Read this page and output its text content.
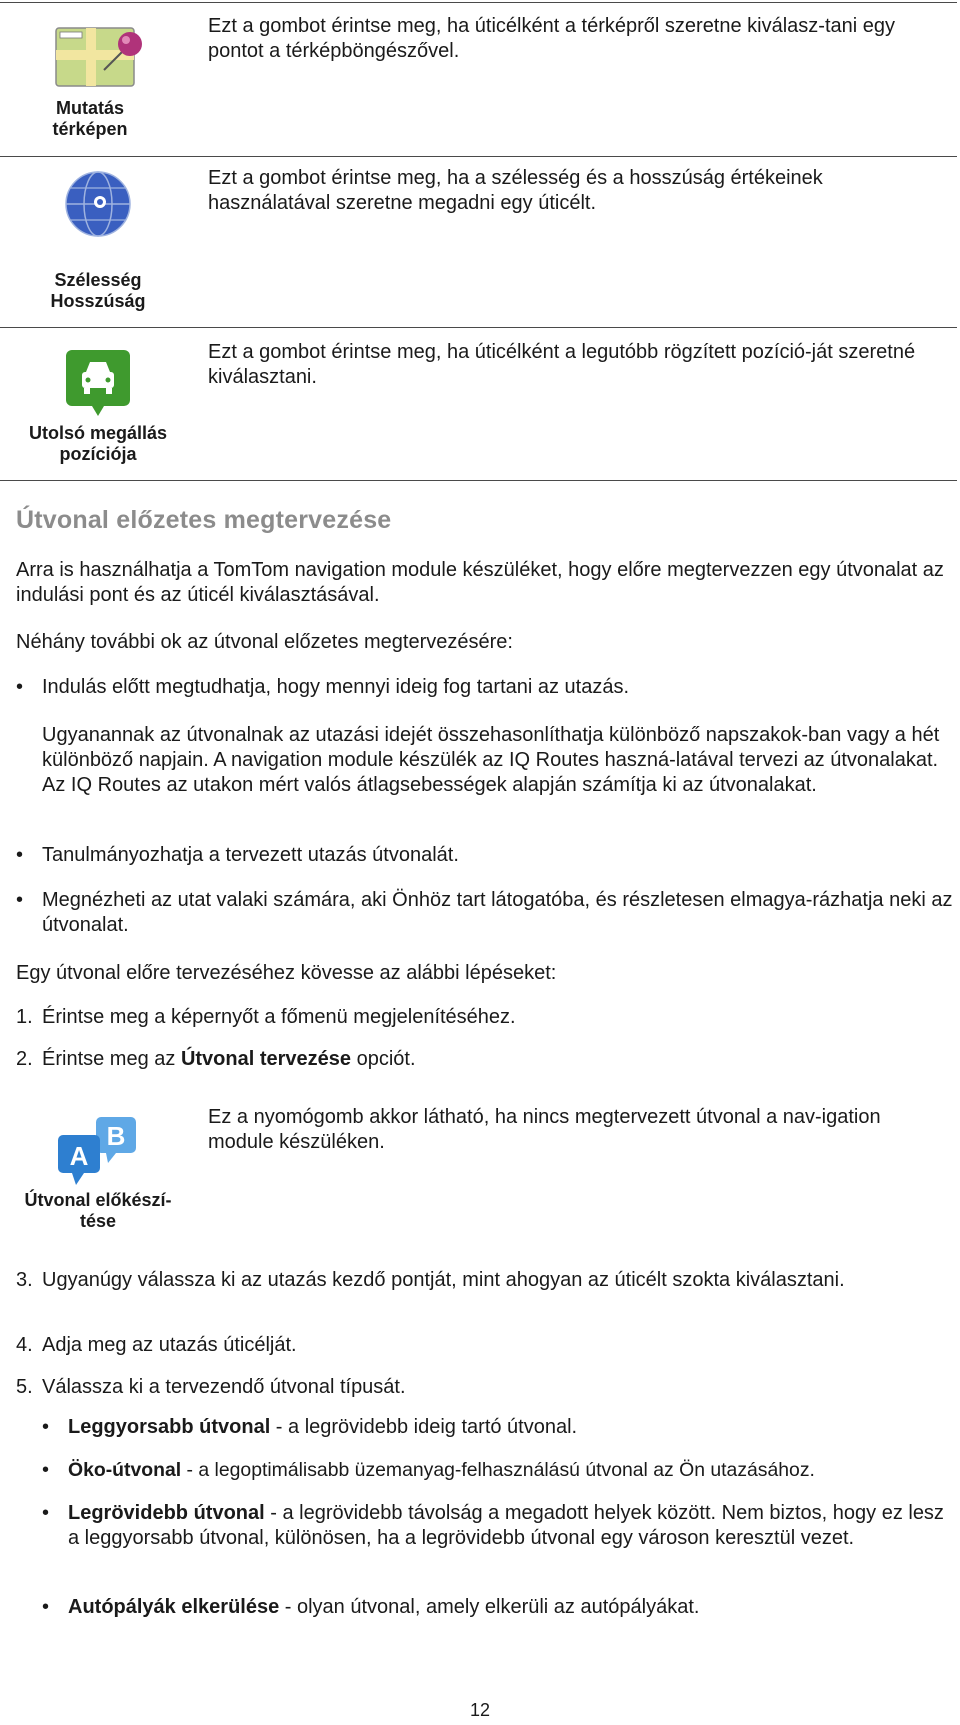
Mutatás
térképen
Ezt a gombot érintse meg, ha úticélként a térképről szeretne kiválasz-tani egy pontot a térképböngészővel.
Szélesség
Hosszúság
Ezt a gombot érintse meg, ha a szélesség és a hosszúság értékeinek használatával szeretne megadni egy úticélt.
Utolsó megállás
pozíciója
Ezt a gombot érintse meg, ha úticélként a legutóbb rögzített pozíció-ját szeretné kiválasztani.
Útvonal előzetes megtervezése
Arra is használhatja a TomTom navigation module készüléket, hogy előre megtervezzen egy útvonalat az indulási pont és az úticél kiválasztásával.
Néhány további ok az útvonal előzetes megtervezésére:
• Indulás előtt megtudhatja, hogy mennyi ideig fog tartani az utazás.
Ugyanannak az útvonalnak az utazási idejét összehasonlíthatja különböző napszakok-ban vagy a hét különböző napjain. A navigation module készülék az IQ Routes haszná-latával tervezi az útvonalakat. Az IQ Routes az utakon mért valós átlagsebességek alapján számítja ki az útvonalakat.
• Tanulmányozhatja a tervezett utazás útvonalát.
• Megnézheti az utat valaki számára, aki Önhöz tart látogatóba, és részletesen elmagya-rázhatja neki az útvonalat.
Egy útvonal előre tervezéséhez kövesse az alábbi lépéseket:
1. Érintse meg a képernyőt a főmenü megjelenítéséhez.
2. Érintse meg az Útvonal tervezése opciót.
B
A
Útvonal előkészí-
tése
Ez a nyomógomb akkor látható, ha nincs megtervezett útvonal a nav-igation module készüléken.
3. Ugyanúgy válassza ki az utazás kezdő pontját, mint ahogyan az úticélt szokta kiválasztani.
4. Adja meg az utazás úticélját.
5. Válassza ki a tervezendő útvonal típusát.
• Leggyorsabb útvonal - a legrövidebb ideig tartó útvonal.
• Öko-útvonal - a legoptimálisabb üzemanyag-felhasználású útvonal az Ön utazásához.
• Legrövidebb útvonal - a legrövidebb távolság a megadott helyek között. Nem biztos, hogy ez lesz a leggyorsabb útvonal, különösen, ha a legrövidebb útvonal egy városon keresztül vezet.
• Autópályák elkerülése - olyan útvonal, amely elkerüli az autópályákat.
12
